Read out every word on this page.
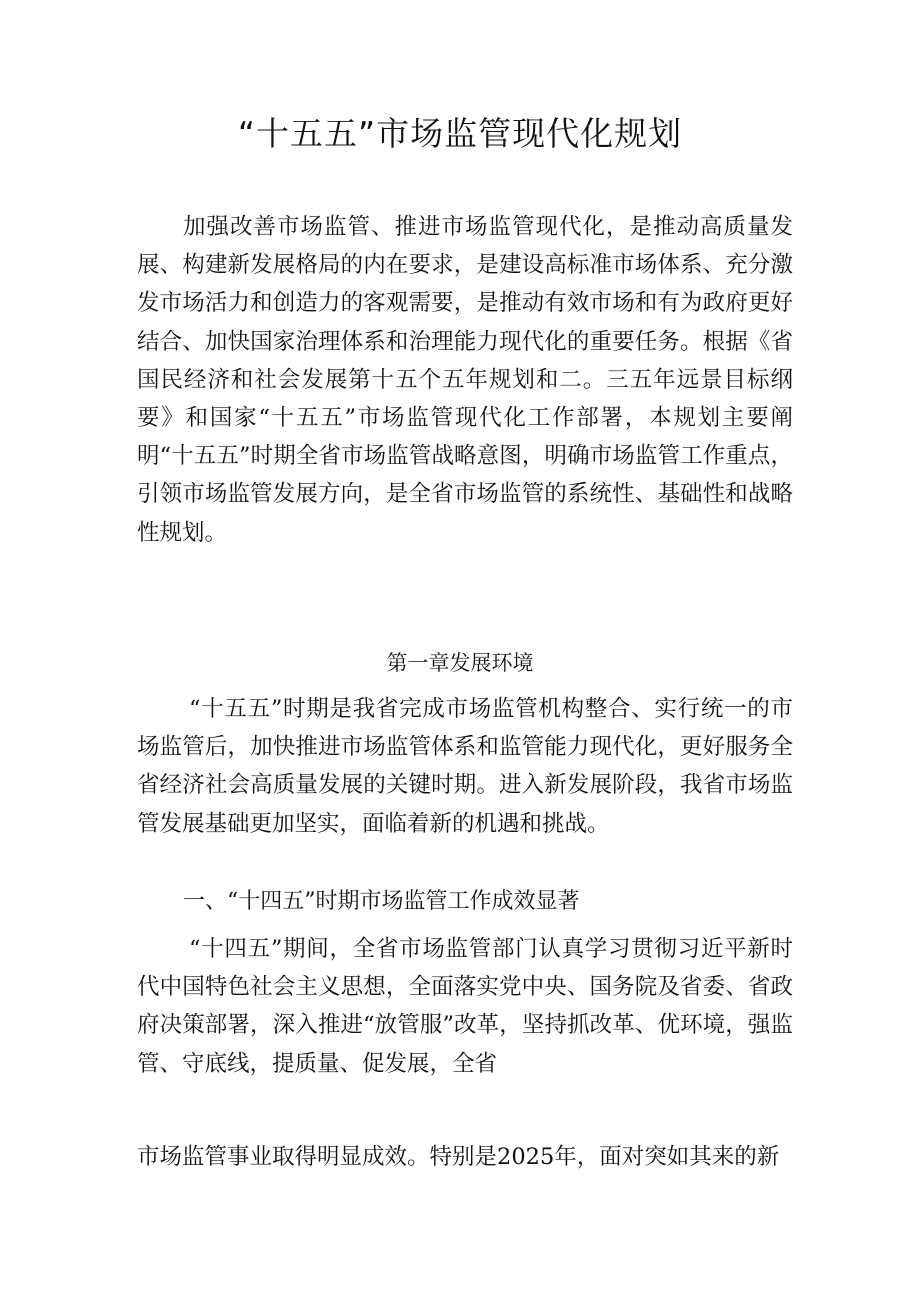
“十五五”市场监管现代化规划

加强改善市场监管、推进市场监管现代化，是推动高质量发展、构建新发展格局的内在要求，是建设高标准市场体系、充分激发市场活力和创造力的客观需要，是推动有效市场和有为政府更好结合、加快国家治理体系和治理能力现代化的重要任务。根据《省国民经济和社会发展第十五个五年规划和二。三五年远景目标纲要》和国家“十五五”市场监管现代化工作部署，本规划主要阐明“十五五”时期全省市场监管战略意图，明确市场监管工作重点，引领市场监管发展方向，是全省市场监管的系统性、基础性和战略性规划。

第一章发展环境

“十五五”时期是我省完成市场监管机构整合、实行统一的市场监管后，加快推进市场监管体系和监管能力现代化，更好服务全省经济社会高质量发展的关键时期。进入新发展阶段，我省市场监管发展基础更加坚实，面临着新的机遇和挑战。

一、“十四五”时期市场监管工作成效显著

“十四五”期间，全省市场监管部门认真学习贯彻习近平新时代中国特色社会主义思想，全面落实党中央、国务院及省委、省政府决策部署，深入推进“放管服”改革，坚持抓改革、优环境，强监管、守底线，提质量、促发展，全省

市场监管事业取得明显成效。特别是2025年，面对突如其来的新
